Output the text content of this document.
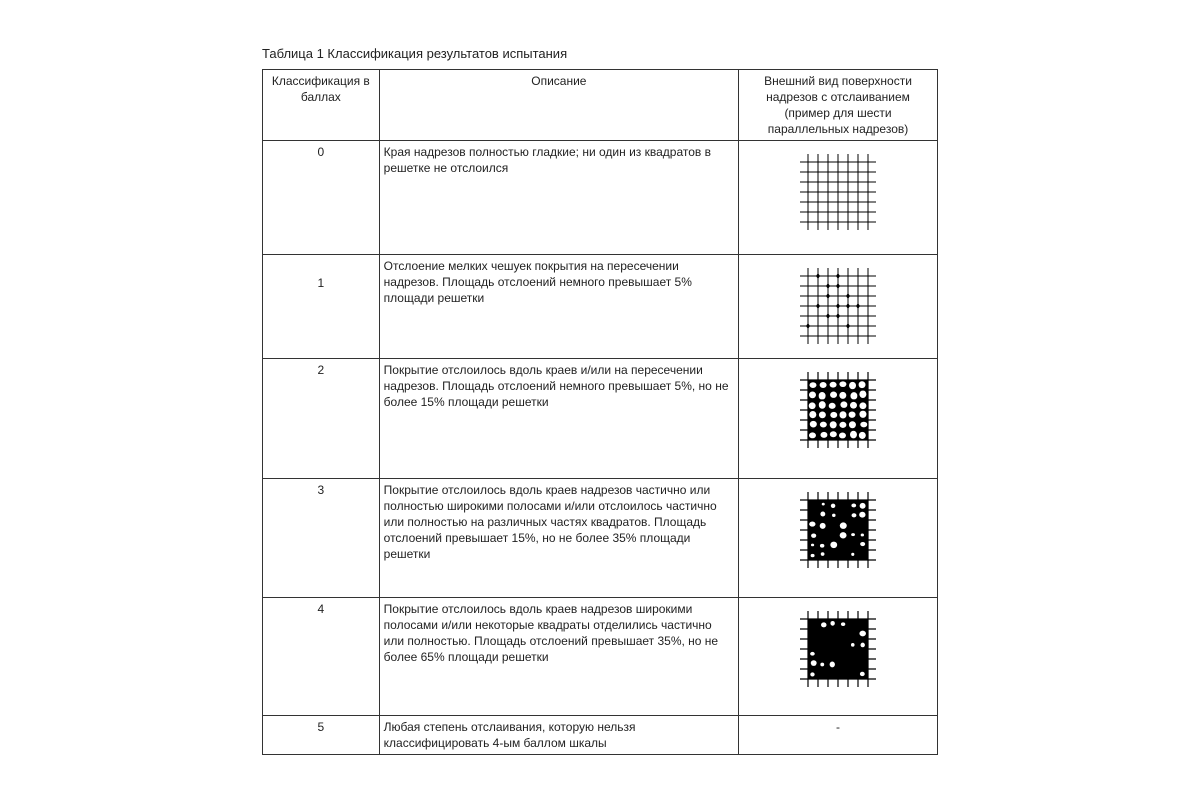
Таблица 1 Классификация результатов испытания
Классификация в баллах	Описание	Внешний вид поверхности надрезов с отслаиванием (пример для шести параллельных надрезов)
0	Края надрезов полностью гладкие; ни один из квадратов в решетке не отслоился	

1	Отслоение мелких чешуек покрытия на пересечении надрезов. Площадь отслоений немного превышает 5% площади решетки	

2	Покрытие отслоилось вдоль краев и/или на пересечении надрезов. Площадь отслоений немного превышает 5%, но не более 15% площади решетки	

3	Покрытие отслоилось вдоль краев надрезов частично или полностью широкими полосами и/или отслоилось частично или полностью на различных частях квадратов. Площадь отслоений превышает 15%, но не более 35% площади решетки	

4	Покрытие отслоилось вдоль краев надрезов широкими полосами и/или некоторые квадраты отделились частично или полностью. Площадь отслоений превышает 35%, но не более 65% площади решетки	

5	Любая степень отслаивания, которую нельзя классифицировать 4-ым баллом шкалы	-
